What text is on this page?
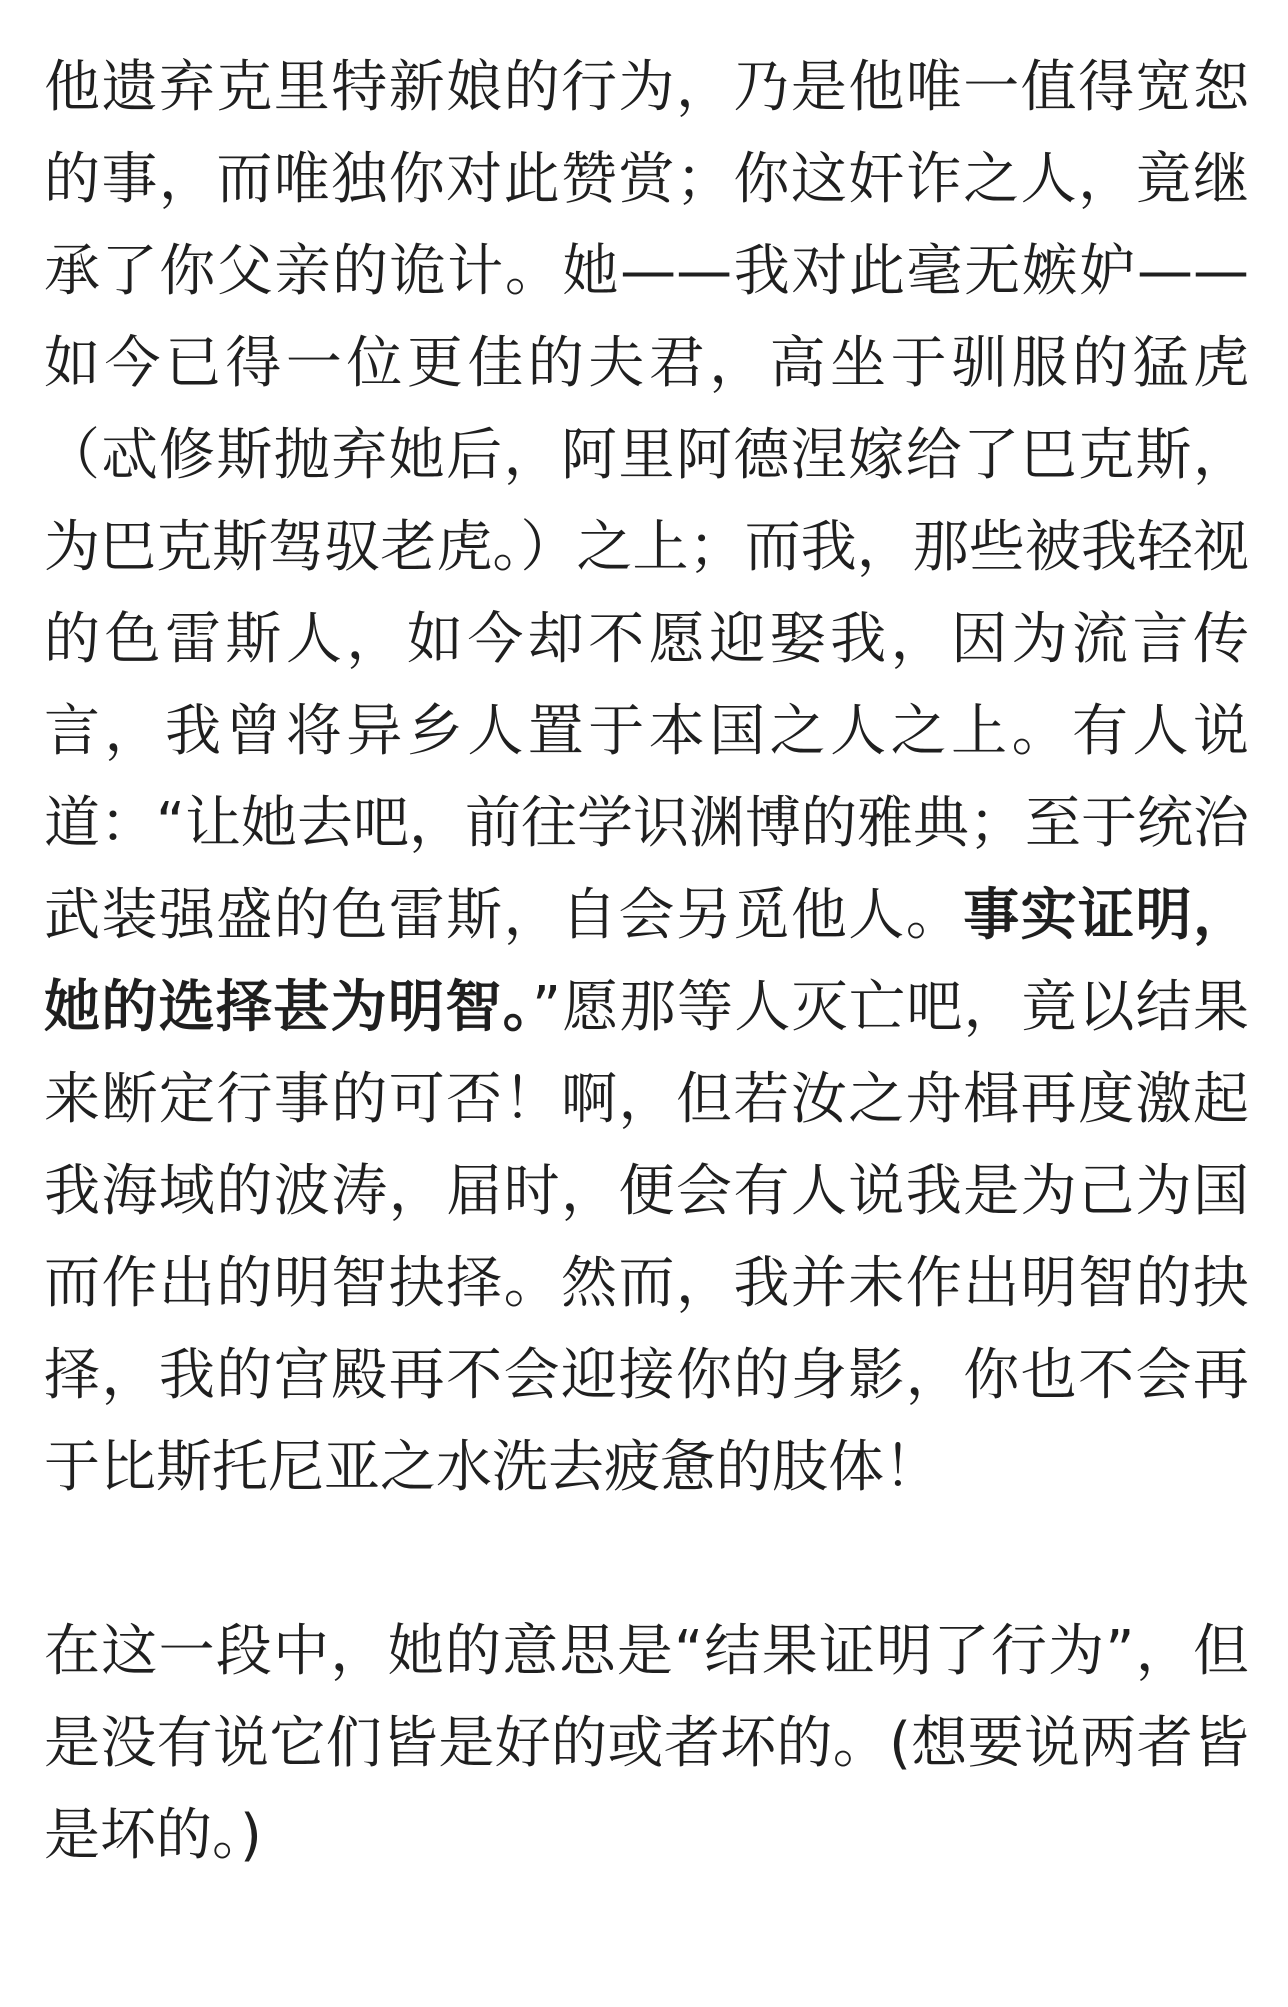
他遗弃克里特新娘的行为，乃是他唯一值得宽恕的事，而唯独你对此赞赏；你这奸诈之人，竟继承了你父亲的诡计。她——我对此毫无嫉妒——如今已得一位更佳的夫君，高坐于驯服的猛虎（忒修斯抛弃她后，阿里阿德涅嫁给了巴克斯，为巴克斯驾驭老虎。）之上；而我，那些被我轻视的色雷斯人，如今却不愿迎娶我，因为流言传言，我曾将异乡人置于本国之人之上。有人说道：“让她去吧，前往学识渊博的雅典；至于统治武装强盛的色雷斯，自会另觅他人。事实证明，她的选择甚为明智。”愿那等人灭亡吧，竟以结果来断定行事的可否！啊，但若汝之舟楫再度激起我海域的波涛，届时，便会有人说我是为己为国而作出的明智抉择。然而，我并未作出明智的抉择，我的宫殿再不会迎接你的身影，你也不会再于比斯托尼亚之水洗去疲惫的肢体！

在这一段中，她的意思是“结果证明了行为”，但是没有说它们皆是好的或者坏的。(想要说两者皆是坏的。)
